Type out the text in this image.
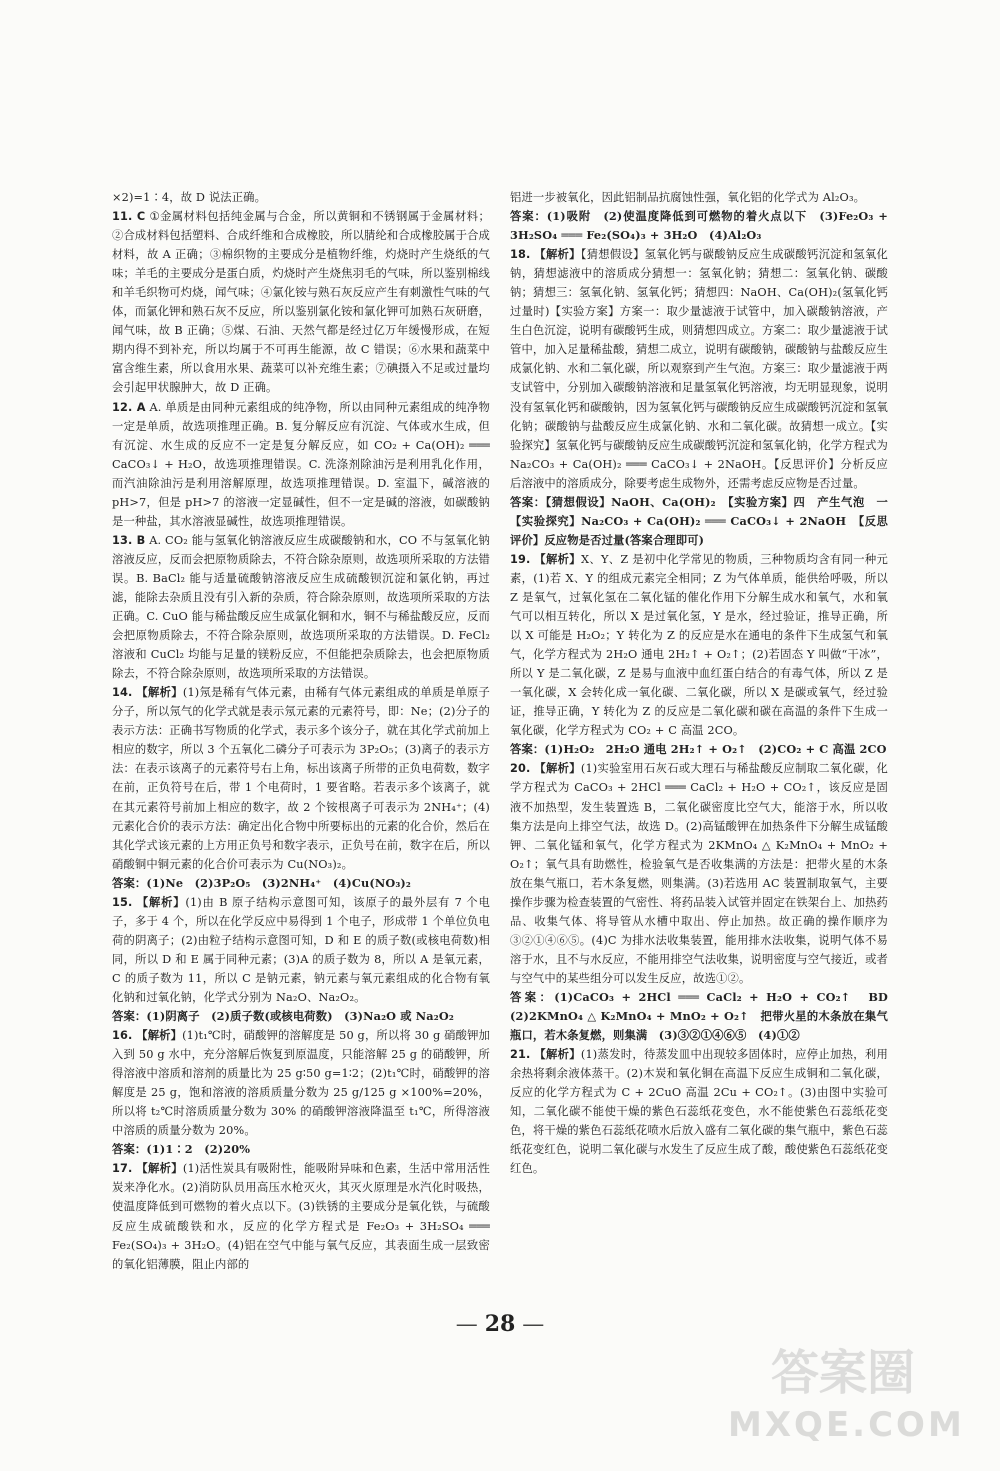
×2)=1∶4，故 D 说法正确。

11. C ①金属材料包括纯金属与合金，所以黄铜和不锈钢属于金属材料；②合成材料包括塑料、合成纤维和合成橡胶，所以腈纶和合成橡胶属于合成材料，故 A 正确；③棉织物的主要成分是植物纤维，灼烧时产生烧纸的气味；羊毛的主要成分是蛋白质，灼烧时产生烧焦羽毛的气味，所以鉴别棉线和羊毛织物可灼烧，闻气味；④氯化铵与熟石灰反应产生有刺激性气味的气体，而氯化钾和熟石灰不反应，所以鉴别氯化铵和氯化钾可加熟石灰研磨，闻气味，故 B 正确；⑤煤、石油、天然气都是经过亿万年缓慢形成，在短期内得不到补充，所以均属于不可再生能源，故 C 错误；⑥水果和蔬菜中富含维生素，所以食用水果、蔬菜可以补充维生素；⑦碘摄入不足或过量均会引起甲状腺肿大，故 D 正确。

12. A A. 单质是由同种元素组成的纯净物，所以由同种元素组成的纯净物一定是单质，故选项推理正确。B. 复分解反应有沉淀、气体或水生成，但有沉淀、水生成的反应不一定是复分解反应，如 CO₂ + Ca(OH)₂ ═══ CaCO₃↓ + H₂O，故选项推理错误。C. 洗涤剂除油污是利用乳化作用，而汽油除油污是利用溶解原理，故选项推理错误。D. 室温下，碱溶液的 pH>7，但是 pH>7 的溶液一定显碱性，但不一定是碱的溶液，如碳酸钠是一种盐，其水溶液显碱性，故选项推理错误。

13. B A. CO₂ 能与氢氧化钠溶液反应生成碳酸钠和水，CO 不与氢氧化钠溶液反应，反而会把原物质除去，不符合除杂原则，故选项所采取的方法错误。B. BaCl₂ 能与适量硫酸钠溶液反应生成硫酸钡沉淀和氯化钠，再过滤，能除去杂质且没有引入新的杂质，符合除杂原则，故选项所采取的方法正确。C. CuO 能与稀盐酸反应生成氯化铜和水，铜不与稀盐酸反应，反而会把原物质除去，不符合除杂原则，故选项所采取的方法错误。D. FeCl₂ 溶液和 CuCl₂ 均能与足量的镁粉反应，不但能把杂质除去，也会把原物质除去，不符合除杂原则，故选项所采取的方法错误。

14. 【解析】(1)氖是稀有气体元素，由稀有气体元素组成的单质是单原子分子，所以氖气的化学式就是表示氖元素的元素符号，即：Ne；(2)分子的表示方法：正确书写物质的化学式，表示多个该分子，就在其化学式前加上相应的数字，所以 3 个五氧化二磷分子可表示为 3P₂O₅；(3)离子的表示方法：在表示该离子的元素符号右上角，标出该离子所带的正负电荷数，数字在前，正负符号在后，带 1 个电荷时，1 要省略。若表示多个该离子，就在其元素符号前加上相应的数字，故 2 个铵根离子可表示为 2NH₄⁺；(4)元素化合价的表示方法：确定出化合物中所要标出的元素的化合价，然后在其化学式该元素的上方用正负号和数字表示，正负号在前，数字在后，所以硝酸铜中铜元素的化合价可表示为 Cu(NO₃)₂。

答案：(1)Ne　(2)3P₂O₅　(3)2NH₄⁺　(4)Cu(NO₃)₂

15. 【解析】(1)由 B 原子结构示意图可知，该原子的最外层有 7 个电子，多于 4 个，所以在化学反应中易得到 1 个电子，形成带 1 个单位负电荷的阴离子；(2)由粒子结构示意图可知，D 和 E 的质子数(或核电荷数)相同，所以 D 和 E 属于同种元素；(3)A 的质子数为 8，所以 A 是氧元素，C 的质子数为 11，所以 C 是钠元素，钠元素与氧元素组成的化合物有氧化钠和过氧化钠，化学式分别为 Na₂O、Na₂O₂。

答案：(1)阴离子　(2)质子数(或核电荷数)　(3)Na₂O 或 Na₂O₂

16. 【解析】(1)t₁℃时，硝酸钾的溶解度是 50 g，所以将 30 g 硝酸钾加入到 50 g 水中，充分溶解后恢复到原温度，只能溶解 25 g 的硝酸钾，所得溶液中溶质和溶剂的质量比为 25 g∶50 g=1∶2；(2)t₁℃时，硝酸钾的溶解度是 25 g，饱和溶液的溶质质量分数为 25 g/125 g ×100%=20%，所以将 t₂℃时溶质质量分数为 30% 的硝酸钾溶液降温至 t₁℃，所得溶液中溶质的质量分数为 20%。

答案：(1)1∶2　(2)20%

17. 【解析】(1)活性炭具有吸附性，能吸附异味和色素，生活中常用活性炭来净化水。(2)消防队员用高压水枪灭火，其灭火原理是水汽化时吸热，使温度降低到可燃物的着火点以下。(3)铁锈的主要成分是氧化铁，与硫酸反应生成硫酸铁和水，反应的化学方程式是 Fe₂O₃ + 3H₂SO₄ ═══ Fe₂(SO₄)₃ + 3H₂O。(4)铝在空气中能与氧气反应，其表面生成一层致密的氧化铝薄膜，阻止内部的

铝进一步被氧化，因此铝制品抗腐蚀性强，氧化铝的化学式为 Al₂O₃。

答案：(1)吸附　(2)使温度降低到可燃物的着火点以下　(3)Fe₂O₃ + 3H₂SO₄ ═══ Fe₂(SO₄)₃ + 3H₂O　(4)Al₂O₃

18. 【解析】【猜想假设】氢氧化钙与碳酸钠反应生成碳酸钙沉淀和氢氧化钠，猜想滤液中的溶质成分猜想一：氢氧化钠；猜想二：氢氧化钠、碳酸钠；猜想三：氢氧化钠、氢氧化钙；猜想四：NaOH、Ca(OH)₂(氢氧化钙过量时)【实验方案】方案一：取少量滤液于试管中，加入碳酸钠溶液，产生白色沉淀，说明有碳酸钙生成，则猜想四成立。方案二：取少量滤液于试管中，加入足量稀盐酸，猜想二成立，说明有碳酸钠，碳酸钠与盐酸反应生成氯化钠、水和二氧化碳，所以观察到产生气泡。方案三：取少量滤液于两支试管中，分别加入碳酸钠溶液和足量氢氧化钙溶液，均无明显现象，说明没有氢氧化钙和碳酸钠，因为氢氧化钙与碳酸钠反应生成碳酸钙沉淀和氢氧化钠；碳酸钠与盐酸反应生成氯化钠、水和二氧化碳。故猜想一成立。【实验探究】氢氧化钙与碳酸钠反应生成碳酸钙沉淀和氢氧化钠，化学方程式为 Na₂CO₃ + Ca(OH)₂ ═══ CaCO₃↓ + 2NaOH。【反思评价】分析反应后溶液中的溶质成分，除要考虑生成物外，还需考虑反应物是否过量。

答案：【猜想假设】NaOH、Ca(OH)₂　【实验方案】四　产生气泡　一　【实验探究】Na₂CO₃ + Ca(OH)₂ ═══ CaCO₃↓ + 2NaOH　【反思评价】反应物是否过量(答案合理即可)

19. 【解析】X、Y、Z 是初中化学常见的物质，三种物质均含有同一种元素，(1)若 X、Y 的组成元素完全相同；Z 为气体单质，能供给呼吸，所以 Z 是氧气，过氧化氢在二氧化锰的催化作用下分解生成水和氧气，水和氧气可以相互转化，所以 X 是过氧化氢，Y 是水，经过验证，推导正确，所以 X 可能是 H₂O₂；Y 转化为 Z 的反应是水在通电的条件下生成氢气和氧气，化学方程式为 2H₂O 通电 2H₂↑ + O₂↑；(2)若固态 Y 叫做“干冰”，所以 Y 是二氧化碳，Z 是易与血液中血红蛋白结合的有毒气体，所以 Z 是一氧化碳，X 会转化成一氧化碳、二氧化碳，所以 X 是碳或氧气，经过验证，推导正确，Y 转化为 Z 的反应是二氧化碳和碳在高温的条件下生成一氧化碳，化学方程式为 CO₂ + C 高温 2CO。

答案：(1)H₂O₂　2H₂O 通电 2H₂↑ + O₂↑　(2)CO₂ + C 高温 2CO

20. 【解析】(1)实验室用石灰石或大理石与稀盐酸反应制取二氧化碳，化学方程式为 CaCO₃ + 2HCl ═══ CaCl₂ + H₂O + CO₂↑，该反应是固液不加热型，发生装置选 B，二氧化碳密度比空气大，能溶于水，所以收集方法是向上排空气法，故选 D。(2)高锰酸钾在加热条件下分解生成锰酸钾、二氧化锰和氧气，化学方程式为 2KMnO₄ △ K₂MnO₄ + MnO₂ + O₂↑；氧气具有助燃性，检验氧气是否收集满的方法是：把带火星的木条放在集气瓶口，若木条复燃，则集满。(3)若选用 AC 装置制取氧气，主要操作步骤为检查装置的气密性、将药品装入试管并固定在铁架台上、加热药品、收集气体、将导管从水槽中取出、停止加热。故正确的操作顺序为③②①④⑥⑤。(4)C 为排水法收集装置，能用排水法收集，说明气体不易溶于水，且不与水反应，不能用排空气法收集，说明密度与空气接近，或者与空气中的某些组分可以发生反应，故选①②。

答案：(1)CaCO₃ + 2HCl ═══ CaCl₂ + H₂O + CO₂↑　BD　(2)2KMnO₄ △ K₂MnO₄ + MnO₂ + O₂↑　把带火星的木条放在集气瓶口，若木条复燃，则集满　(3)③②①④⑥⑤　(4)①②

21. 【解析】(1)蒸发时，待蒸发皿中出现较多固体时，应停止加热，利用余热将剩余液体蒸干。(2)木炭和氧化铜在高温下反应生成铜和二氧化碳，反应的化学方程式为 C + 2CuO 高温 2Cu + CO₂↑。(3)由图中实验可知，二氧化碳不能使干燥的紫色石蕊纸花变色，水不能使紫色石蕊纸花变色，将干燥的紫色石蕊纸花喷水后放入盛有二氧化碳的集气瓶中，紫色石蕊纸花变红色，说明二氧化碳与水发生了反应生成了酸，酸使紫色石蕊纸花变红色。

— 28 —
答案圈
MXQE.COM
